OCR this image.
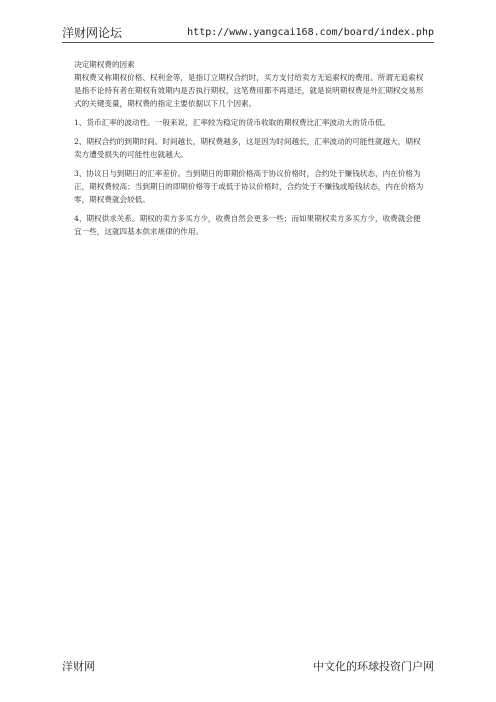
洋财网论坛	http://www.yangcai168.com/board/index.php

决定期权费的因素

期权费又称期权价格、权利金等，是指订立期权合约时，买方支付给卖方无追索权的费用。所谓无追索权是指不论持有者在期权有效期内是否执行期权，这笔费用都不再退还，就是说明期权费是外汇期权交易形式的关键变量，期权费的指定主要依据以下几个因素。

1、货币汇率的波动性。一般来说，汇率较为稳定的货币收取的期权费比汇率波动大的货币低。

2、期权合约的到期时间。时间越长，期权费越多，这是因为时间越长，汇率波动的可能性就越大，期权卖方遭受损失的可能性也就越大。

3、协议日与到期日的汇率差价。当到期日的即期价格高于协议价格时，合约处于赚钱状态，内在价格为正，期权费较高；当到期日的即期价格等于或低于协议价格时，合约处于不赚钱或赔钱状态，内在价格为零，期权费就会较低。

4、期权供求关系。期权的卖方多买方少，收费自然会更多一些；而如果期权卖方多买方少，收费就会便宜一些，这就四基本供求规律的作用。

洋财网	中文化的环球投资门户网
